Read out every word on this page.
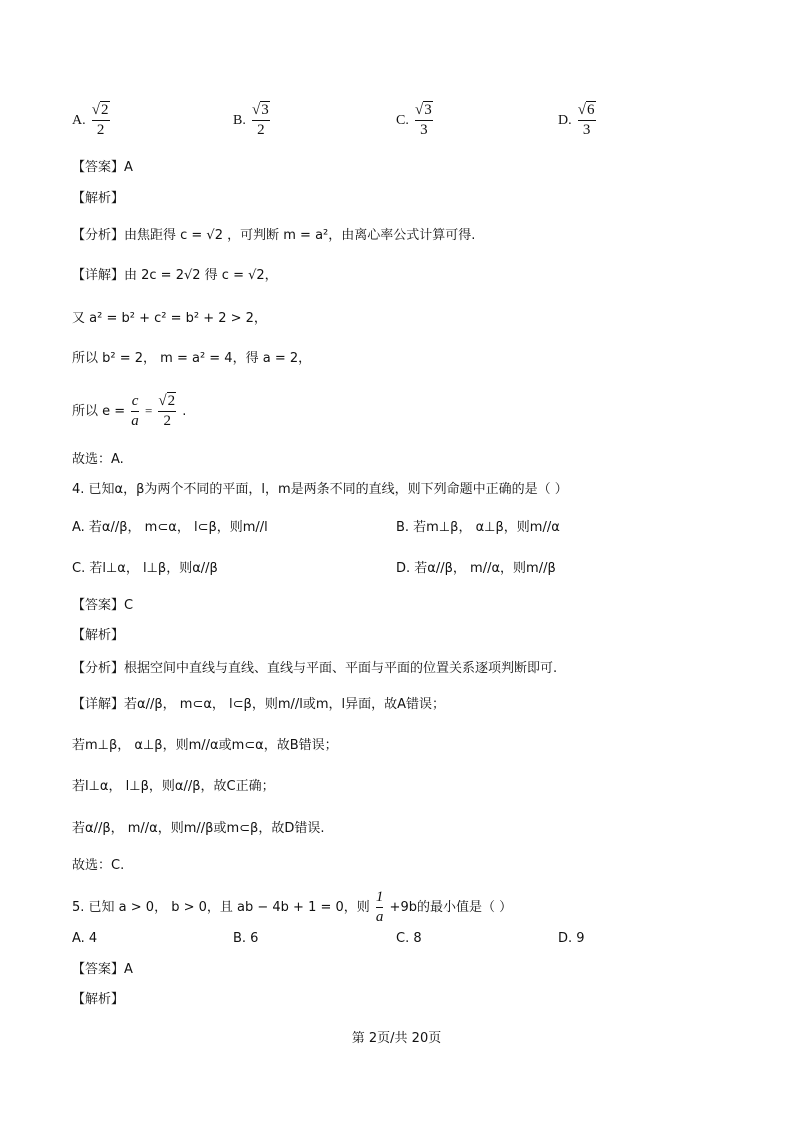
A. $\frac{√2}{2}$	B. $\frac{√3}{2}$	C. $\frac{√3}{3}$	D. $\frac{√6}{3}$
【答案】A
【解析】
【分析】由焦距得 c = √2 ，可判断 m = a²，由离心率公式计算可得.
【详解】由 2c = 2√2 得 c = √2，
又 a² = b² + c² = b² + 2 > 2，
所以 b² = 2， m = a² = 4，得 a = 2，
所以 $e = \frac{c}{a} = \frac{√2}{2}$ .
故选：A.
4. 已知α，β为两个不同的平面，l，m是两条不同的直线，则下列命题中正确的是（ ）
A. 若α//β， m⊂α， l⊂β，则m//l	B. 若m⊥β， α⊥β，则m//α
C. 若l⊥α， l⊥β，则α//β	D. 若α//β， m//α，则m//β
【答案】C
【解析】
【分析】根据空间中直线与直线、直线与平面、平面与平面的位置关系逐项判断即可.
【详解】若α//β， m⊂α， l⊂β，则m//l或m，l异面，故A错误；
若m⊥β， α⊥β，则m//α或m⊂α，故B错误；
若l⊥α， l⊥β，则α//β，故C正确；
若α//β， m//α，则m//β或m⊂β，故D错误.
故选：C.
5. 已知 a > 0， b > 0，且 ab − 4b + 1 = 0，则 $\frac{1}{a} +9b$的最小值是（ ）
A. 4	B. 6	C. 8	D. 9
【答案】A
【解析】
第 2页/共 20页
